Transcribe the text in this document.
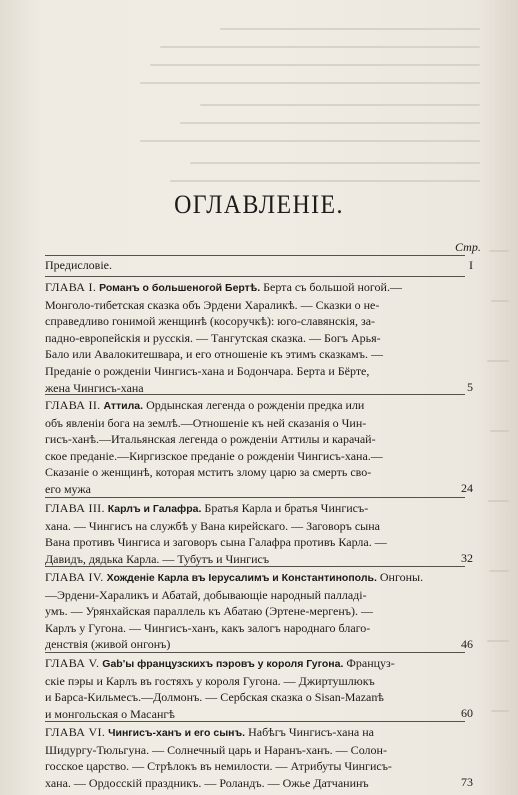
ОГЛАВЛЕНІЕ.
Стр.
Предисловіе.	I
ГЛАВА I. Романъ о большеногой Бертѣ. Берта съ большой ногой.—
Монголо-тибетская сказка объ Эрдени Хараликѣ. — Сказки о не-
справедливо гонимой женщинѣ (косоручкѣ): юго-славянскія, за-
падно-европейскія и русскія. — Тангутская сказка. — Богъ Арья-
Бало или Авалокитешвара, и его отношеніе къ этимъ сказкамъ. —
Преданіе о рожденіи Чингисъ-хана и Бодончара. Берта и Бёрте,
жена Чингисъ-хана	5
ГЛАВА II. Аттила. Ордынская легенда о рожденіи предка или
объ явленіи бога на землѣ.—Отношеніе къ ней сказанія о Чин-
гисъ-ханѣ.—Итальянская легенда о рожденіи Аттилы и карачай-
ское преданіе.—Киргизское преданіе о рожденіи Чингисъ-хана.—
Сказаніе о женщинѣ, которая мститъ злому царю за смерть сво-
его мужа	24
ГЛАВА III. Карлъ и Галафра. Братья Карла и братья Чингисъ-
хана. — Чингисъ на службѣ у Вана кирейскаго. — Заговоръ сына
Вана противъ Чингиса и заговоръ сына Галафра противъ Карла. —
Давидъ, дядька Карла. — Тубутъ и Чингисъ	32
ГЛАВА IV. Хожденіе Карла въ Іерусалимъ и Константинополь. Онгоны.
—Эрдени-Хараликъ и Абатай, добывающіе народный палладі-
умъ. — Урянхайская параллель къ Абатаю (Эртене-мергенъ). —
Карлъ у Гугона. — Чингисъ-ханъ, какъ залогъ народнаго благо-
денствія (живой онгонъ)	46
ГЛАВА V. Gab'ы французскихъ пэровъ у короля Гугона. Француз-
скіе пэры и Карлъ въ гостяхъ у короля Гугона. — Джиртушлюкъ
и Барса-Кильмесъ.—Долмонъ. — Сербская сказка о Sisan-Mazanѣ
и монгольская о Масангѣ	60
ГЛАВА VI. Чингисъ-ханъ и его сынъ. Набѣгъ Чингисъ-хана на
Шидургу-Тюльгуна. — Солнечный царь и Наранъ-ханъ. — Солон-
госское царство. — Стрѣлокъ въ немилости. — Атрибуты Чингисъ-
хана. — Ордосскій праздникъ. — Роландъ. — Ожье Датчанинъ	73
